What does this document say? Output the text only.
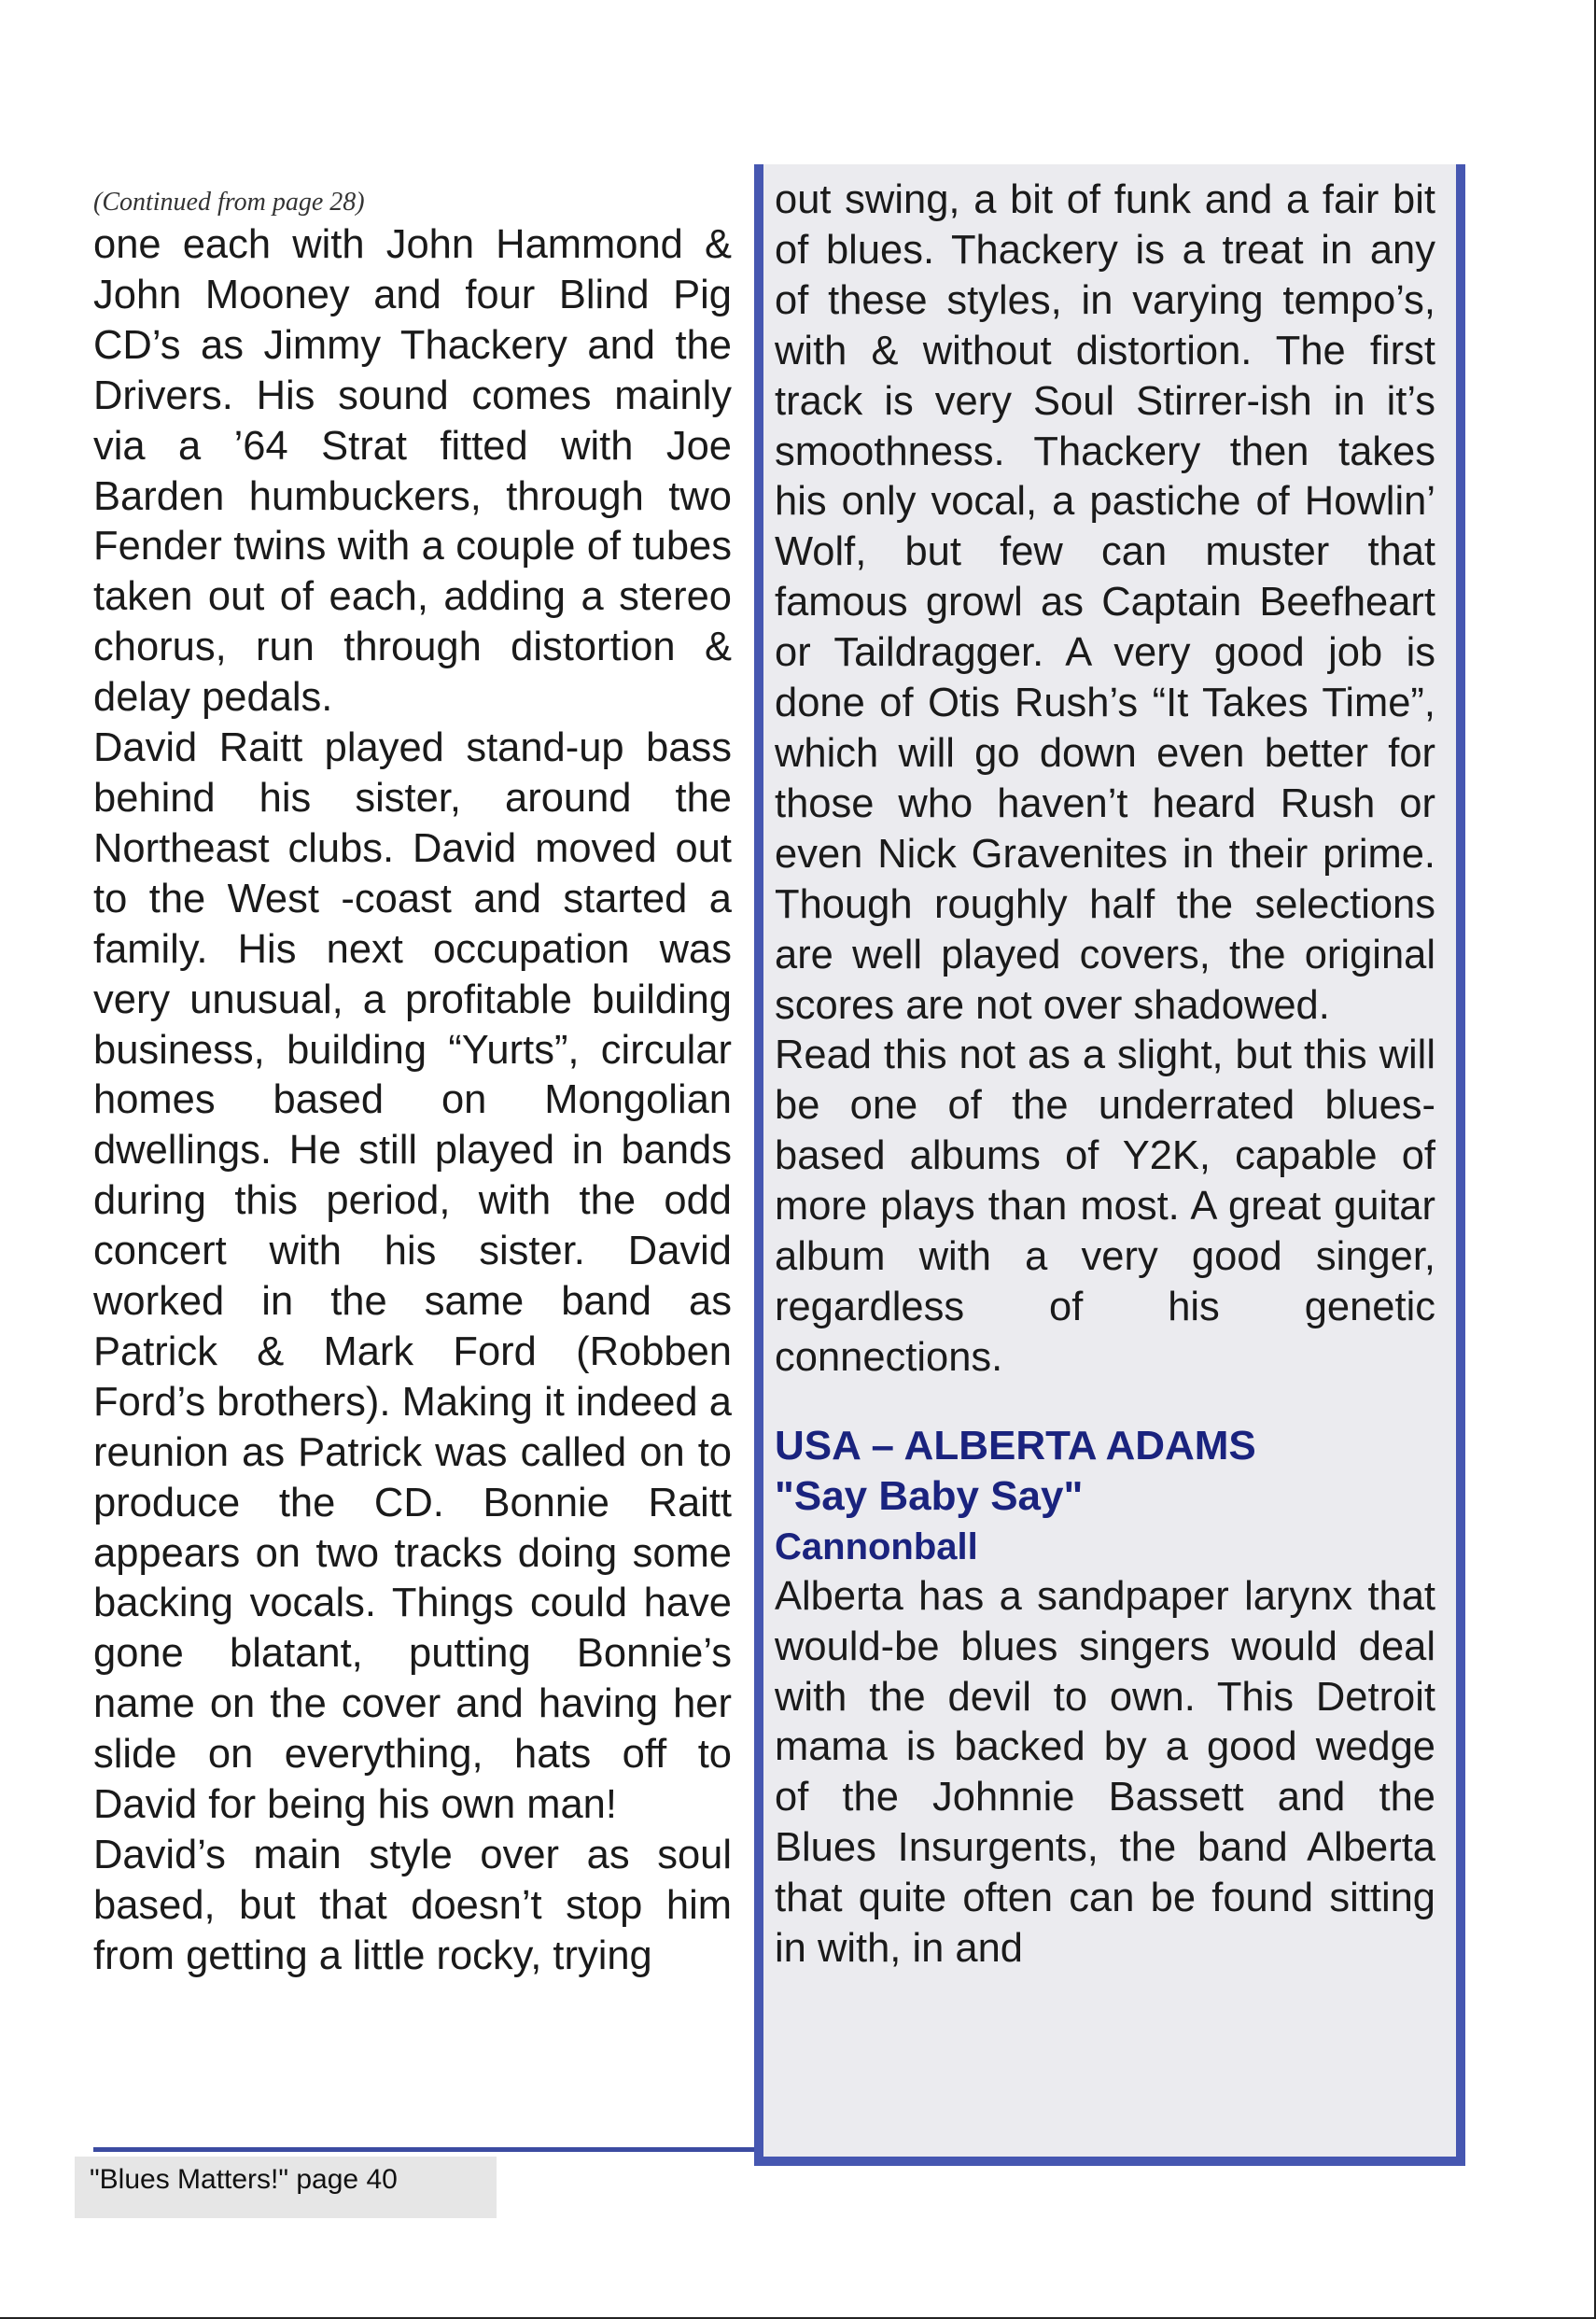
(Continued from page 28)

one each with John Hammond & John Mooney and four Blind Pig CD’s as Jimmy Thackery and the Drivers. His sound comes mainly via a ’64 Strat fitted with Joe Barden humbuckers, through two Fender twins with a couple of tubes taken out of each, adding a stereo chorus, run through distortion & delay pedals.

David Raitt played stand-up bass behind his sister, around the Northeast clubs. David moved out to the West -coast and started a family. His next occupation was very unusual, a profitable building business, building “Yurts”, circular homes based on Mongolian dwellings. He still played in bands during this period, with the odd concert with his sister. David worked in the same band as Patrick & Mark Ford (Robben Ford’s brothers). Making it indeed a reunion as Patrick was called on to produce the CD. Bonnie Raitt appears on two tracks doing some backing vocals. Things could have gone blatant, putting Bonnie’s name on the cover and having her slide on everything, hats off to David for being his own man!

David’s main style over as soul based, but that doesn’t stop him from getting a little rocky, trying

"Blues Matters!" page 40

out swing, a bit of funk and a fair bit of blues. Thackery is a treat in any of these styles, in varying tempo’s, with & without distortion. The first track is very Soul Stirrer-ish in it’s smoothness. Thackery then takes his only vocal, a pastiche of Howlin’ Wolf, but few can muster that famous growl as Captain Beefheart or Taildragger. A very good job is done of Otis Rush’s “It Takes Time”, which will go down even better for those who haven’t heard Rush or even Nick Gravenites in their prime. Though roughly half the selections are well played covers, the original scores are not over shadowed.

Read this not as a slight, but this will be one of the underrated blues-based albums of Y2K, capable of more plays than most. A great guitar album with a very good singer, regardless of his genetic connections.

USA – ALBERTA ADAMS
"Say Baby Say"
Cannonball

Alberta has a sandpaper larynx that would-be blues singers would deal with the devil to own. This Detroit mama is backed by a good wedge of the Johnnie Bassett and the Blues Insurgents, the band Alberta that quite often can be found sitting in with, in and
